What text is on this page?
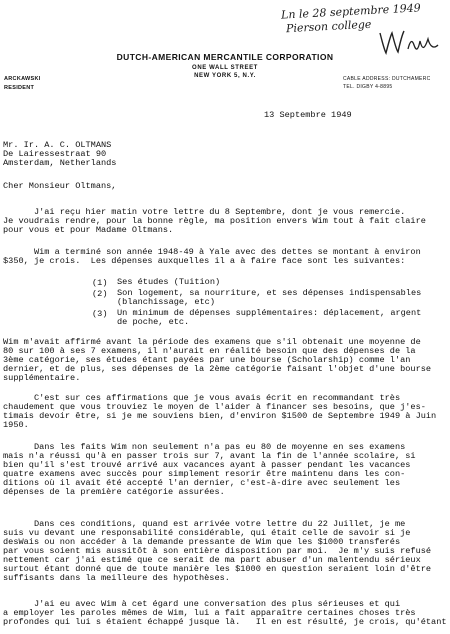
Ln le 28 septembre 1949
Pierson college
DUTCH-AMERICAN MERCANTILE CORPORATION
ONE WALL STREET
NEW YORK 5, N.Y.
ARCKAWSKI
RESIDENT
CABLE ADDRESS: DUTCHAMERC
TEL. DIGBY 4-8895
13 Septembre 1949
Mr. Ir. A. C. OLTMANS
De Lairessestraat 90
Amsterdam, Netherlands
Cher Monsieur Oltmans,
J'ai reçu hier matin votre lettre du 8 Septembre, dont je vous remercie.
Je voudrais rendre, pour la bonne règle, ma position envers Wim tout à fait claire
pour vous et pour Madame Oltmans.
Wim a terminé son année 1948-49 à Yale avec des dettes se montant à environ
$350, je crois.  Les dépenses auxquelles il a à faire face sont les suivantes:
(1) Ses études (Tuition)
(2) Son logement, sa nourriture, et ses dépenses indispensables
(blanchissage, etc)
(3) Un minimum de dépenses supplémentaires: déplacement, argent
de poche, etc.
Wim m'avait affirmé avant la période des examens que s'il obtenait une moyenne de
80 sur 100 à ses 7 examens, il n'aurait en réalité besoin que des dépenses de la
3ème catégorie, ses études étant payées par une bourse (Scholarship) comme l'an
dernier, et de plus, ses dépenses de la 2ème catégorie faisant l'objet d'une bourse
supplémentaire.
C'est sur ces affirmations que je vous avais écrit en recommandant très
chaudement que vous trouviez le moyen de l'aider à financer ses besoins, que j'es-
timais devoir être, si je me souviens bien, d'environ $1500 de Septembre 1949 à Juin
1950.
Dans les faits Wim non seulement n'a pas eu 80 de moyenne en ses examens
mais n'a réussi qu'à en passer trois sur 7, avant la fin de l'année scolaire, si
bien qu'il s'est trouvé arrivé aux vacances ayant à passer pendant les vacances
quatre examens avec succès pour simplement resorir être maintenu dans les con-
ditions où il avait été accepté l'an dernier, c'est-à-dire avec seulement les
dépenses de la première catégorie assurées.
Dans ces conditions, quand est arrivée votre lettre du 22 Juillet, je me
suis vu devant une responsabilité considérable, qui était celle de savoir si je
desWais ou non accéder à la demande pressante de Wim que les $1000 transferés
par vous soient mis aussitôt à son entière disposition par moi.  Je m'y suis refusé
nettement car j'ai estimé que ce serait de ma part abuser d'un malentendu sérieux
surtout étant donné que de toute manière les $1000 en question seraient loin d'être
suffisants dans la meilleure des hypothèses.
J'ai eu avec Wim à cet égard une conversation des plus sérieuses et qui
a employer les paroles mêmes de Wim, lui a fait apparaître certaines choses très
profondes qui lui s étaient échappé jusque là.   Il en est résulté, je crois, qu'étant
